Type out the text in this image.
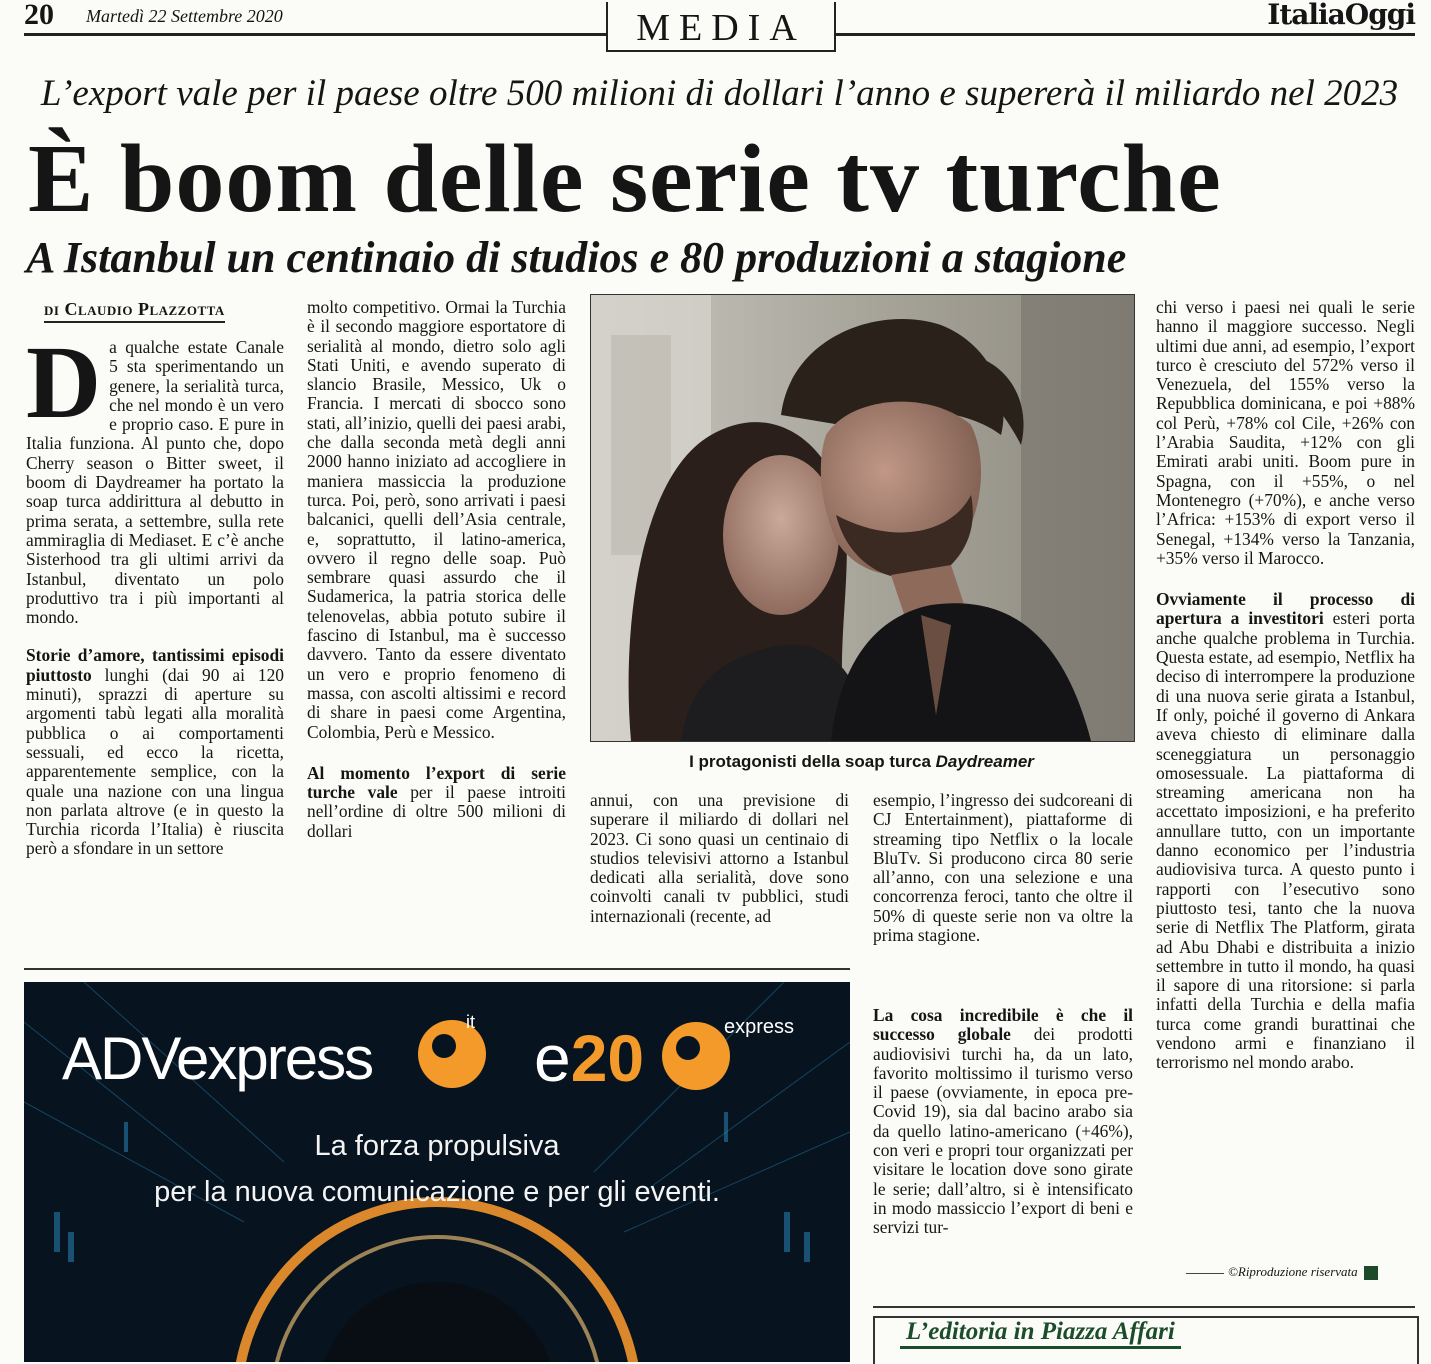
20 Martedì 22 Settembre 2020	MEDIA	ItaliaOggi
L’export vale per il paese oltre 500 milioni di dollari l’anno e supererà il miliardo nel 2023
È boom delle serie tv turche
A Istanbul un centinaio di studios e 80 produzioni a stagione
di Claudio Plazzotta

Da qualche estate Canale 5 sta sperimentando un genere, la serialità turca, che nel mondo è un vero e proprio caso. E pure in Italia funziona. Al punto che, dopo Cherry season o Bitter sweet, il boom di Daydreamer ha portato la soap turca addirittura al debutto in prima serata, a settembre, sulla rete ammiraglia di Mediaset. E c’è anche Sisterhood tra gli ultimi arrivi da Istanbul, diventato un polo produttivo tra i più importanti al mondo.

Storie d’amore, tantissimi episodi piuttosto lunghi (dai 90 ai 120 minuti), sprazzi di aperture su argomenti tabù legati alla moralità pubblica o ai comportamenti sessuali, ed ecco la ricetta, apparentemente semplice, con la quale una nazione con una lingua non parlata altrove (e in questo la Turchia ricorda l’Italia) è riuscita però a sfondare in un settore

molto competitivo. Ormai la Turchia è il secondo maggiore esportatore di serialità al mondo, dietro solo agli Stati Uniti, e avendo superato di slancio Brasile, Messico, Uk o Francia. I mercati di sbocco sono stati, all’inizio, quelli dei paesi arabi, che dalla seconda metà degli anni 2000 hanno iniziato ad accogliere in maniera massiccia la produzione turca. Poi, però, sono arrivati i paesi balcanici, quelli dell’Asia centrale, e, soprattutto, il latino-america, ovvero il regno delle soap. Può sembrare quasi assurdo che il Sudamerica, la patria storica delle telenovelas, abbia potuto subire il fascino di Istanbul, ma è successo davvero. Tanto da essere diventato un vero e proprio fenomeno di massa, con ascolti altissimi e record di share in paesi come Argentina, Colombia, Perù e Messico.

Al momento l’export di serie turche vale per il paese introiti nell’ordine di oltre 500 milioni di dollari

I protagonisti della soap turca Daydreamer

annui, con una previsione di superare il miliardo di dollari nel 2023. Ci sono quasi un centinaio di studios televisivi attorno a Istanbul dedicati alla serialità, dove sono coinvolti canali tv pubblici, studi internazionali (recente, ad

esempio, l’ingresso dei sudcoreani di CJ Entertainment), piattaforme di streaming tipo Netflix o la locale BluTv. Si producono circa 80 serie all’anno, con una selezione e una concorrenza feroci, tanto che oltre il 50% di queste serie non va oltre la prima stagione.

La cosa incredibile è che il successo globale dei prodotti audiovisivi turchi ha, da un lato, favorito moltissimo il turismo verso il paese (ovviamente, in epoca pre-Covid 19), sia dal bacino arabo sia da quello latino-americano (+46%), con veri e propri tour organizzati per visitare le location dove sono girate le serie; dall’altro, si è intensificato in modo massiccio l’export di beni e servizi tur-

chi verso i paesi nei quali le serie hanno il maggiore successo. Negli ultimi due anni, ad esempio, l’export turco è cresciuto del 572% verso il Venezuela, del 155% verso la Repubblica dominicana, e poi +88% col Perù, +78% col Cile, +26% con l’Arabia Saudita, +12% con gli Emirati arabi uniti. Boom pure in Spagna, con il +55%, o nel Montenegro (+70%), e anche verso l’Africa: +153% di export verso il Senegal, +134% verso la Tanzania, +35% verso il Marocco.

Ovviamente il processo di apertura a investitori esteri porta anche qualche problema in Turchia. Questa estate, ad esempio, Netflix ha deciso di interrompere la produzione di una nuova serie girata a Istanbul, If only, poiché il governo di Ankara aveva chiesto di eliminare dalla sceneggiatura un personaggio omosessuale. La piattaforma di streaming americana non ha accettato imposizioni, e ha preferito annullare tutto, con un importante danno economico per l’industria audiovisiva turca. A questo punto i rapporti con l’esecutivo sono piuttosto tesi, tanto che la nuova serie di Netflix The Platform, girata ad Abu Dhabi e distribuita a inizio settembre in tutto il mondo, ha quasi il sapore di una ritorsione: si parla infatti della Turchia e della mafia turca come grandi burattinai che vendono armi e finanziano il terrorismo nel mondo arabo.

©Riproduzione riservata
L’editoria in Piazza Affari
ADVexpress
it e20	express
La forza propulsiva
per la nuova comunicazione e per gli eventi.
